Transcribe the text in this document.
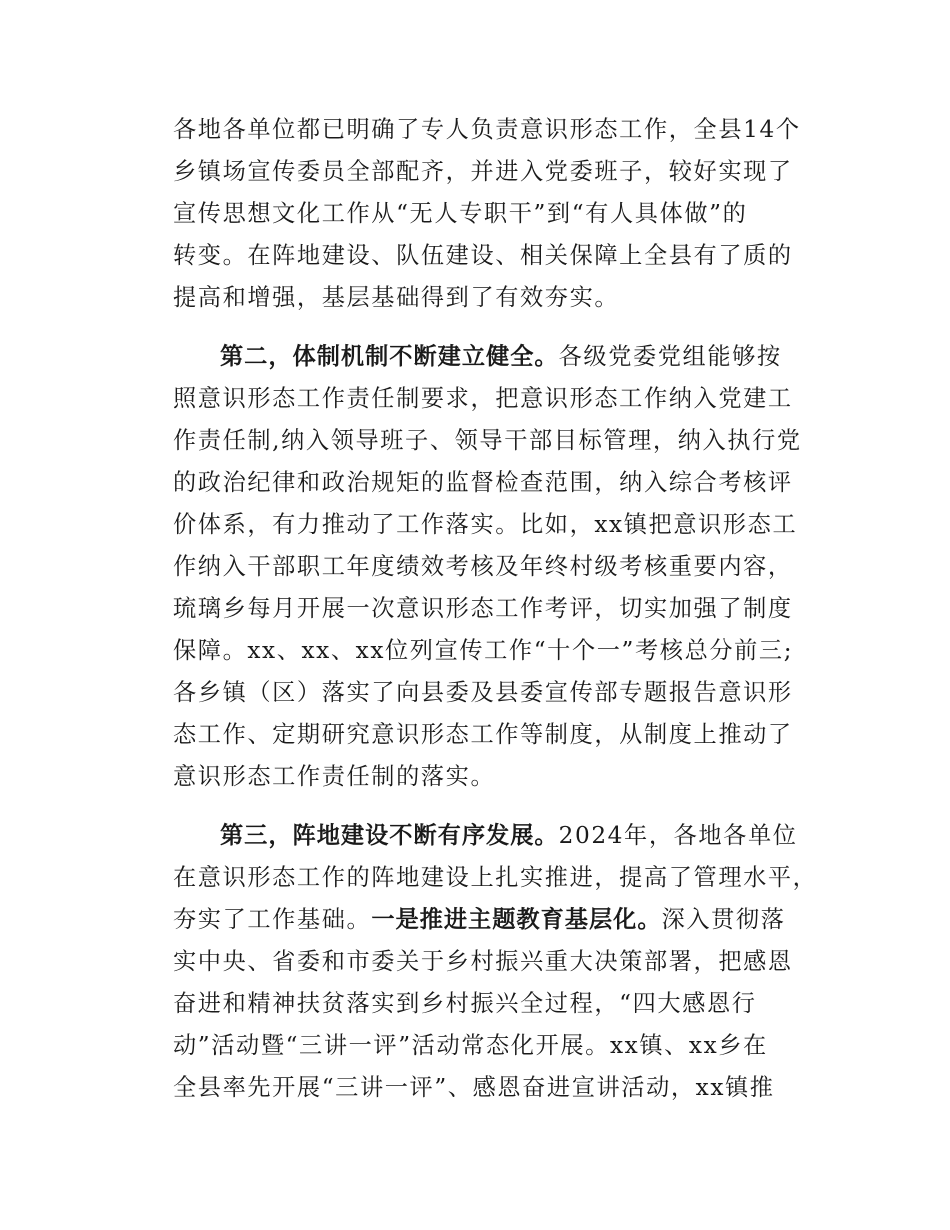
各地各单位都已明确了专人负责意识形态工作，全县14个
乡镇场宣传委员全部配齐，并进入党委班子，较好实现了
宣传思想文化工作从“无人专职干”到“有人具体做”的
转变。在阵地建设、队伍建设、相关保障上全县有了质的
提高和增强，基层基础得到了有效夯实。
第二，体制机制不断建立健全。各级党委党组能够按
照意识形态工作责任制要求，把意识形态工作纳入党建工
作责任制,纳入领导班子、领导干部目标管理，纳入执行党
的政治纪律和政治规矩的监督检查范围，纳入综合考核评
价体系，有力推动了工作落实。比如，xx镇把意识形态工
作纳入干部职工年度绩效考核及年终村级考核重要内容，
琉璃乡每月开展一次意识形态工作考评，切实加强了制度
保障。xx、xx、xx位列宣传工作“十个一”考核总分前三;
各乡镇（区）落实了向县委及县委宣传部专题报告意识形
态工作、定期研究意识形态工作等制度，从制度上推动了
意识形态工作责任制的落实。
第三，阵地建设不断有序发展。2024年，各地各单位
在意识形态工作的阵地建设上扎实推进，提高了管理水平，
夯实了工作基础。一是推进主题教育基层化。深入贯彻落
实中央、省委和市委关于乡村振兴重大决策部署，把感恩
奋进和精神扶贫落实到乡村振兴全过程，“四大感恩行
动”活动暨“三讲一评”活动常态化开展。xx镇、xx乡在
全县率先开展“三讲一评”、感恩奋进宣讲活动，xx镇推
